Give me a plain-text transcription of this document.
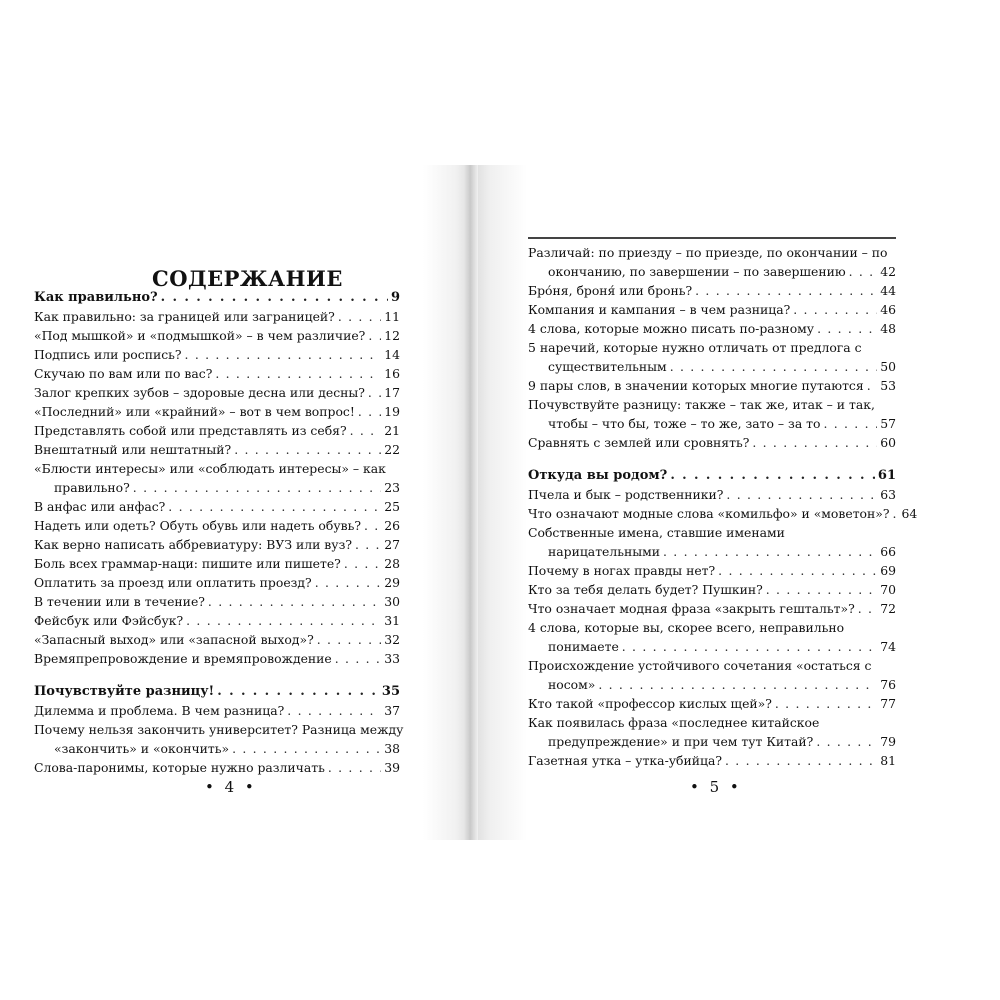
СОДЕРЖАНИЕ
Как правильно? . . .	9
Как правильно: за границей или заграницей? . . .	11
«Под мышкой» и «подмышкой» – в чем различие? . . . 12
Подпись или роспись? . . .	14
Скучаю по вам или по вас? . . .	16
Залог крепких зубов – здоровые десна или десны? . . . 17
«Последний» или «крайний» – вот в чем вопрос! . . . 19
Представлять собой или представлять из себя? . . .	21
Внештатный или нештатный? . . .	22
«Блюсти интересы» или «соблюдать интересы» – как
правильно? . . .	23
В анфас или анфас? . . .	25
Надеть или одеть? Обуть обувь или надеть обувь? . . . 26
Как верно написать аббревиатуру: ВУЗ или вуз? . . .	27
Боль всех граммар-наци: пишите или пишете? . . .	28
Оплатить за проезд или оплатить проезд? . . .	29
В течении или в течение? . . .	30
Фейсбук или Фэйсбук? . . .	31
«Запасный выход» или «запасной выход»? . . .	32
Времяпрепровождение и времяпровождение . . .	33
Почувствуйте разницу! . . .	35
Дилемма и проблема. В чем разница? . . .	37
Почему нельзя закончить университет? Разница между
«закончить» и «окончить» . . .	38
Слова-паронимы, которые нужно различать . . .	39
Различай: по приезду – по приезде, по окончании – по
окончанию, по завершении – по завершению . . .	42
Бро́ня, броня́ или бронь? . . .	44
Компания и кампания – в чем разница? . . .	46
4 слова, которые можно писать по-разному . . .	48
5 наречий, которые нужно отличать от предлога с
существительным . . .	50
9 пары слов, в значении которых многие путаются . . . 53
Почувствуйте разницу: также – так же, итак – и так,
чтобы – что бы, тоже – то же, зато – за то . . .	57
Сравнять с землей или сровнять? . . .	60
Откуда вы родом? . . .	61
Пчела и бык – родственники? . . .	63
Что означают модные слова «комильфо» и «моветон»? . . . 64
Собственные имена, ставшие именами
нарицательными . . .	66
Почему в ногах правды нет? . . .	69
Кто за тебя делать будет? Пушкин? . . .	70
Что означает модная фраза «закрыть гештальт»? . . . 72
4 слова, которые вы, скорее всего, неправильно
понимаете . . .	74
Происхождение устойчивого сочетания «остаться с
носом» . . .	76
Кто такой «профессор кислых щей»? . . .	77
Как появилась фраза «последнее китайское
предупреждение» и при чем тут Китай? . . .	79
Газетная утка – утка-убийца? . . .	81
• 4 •	• 5 •
